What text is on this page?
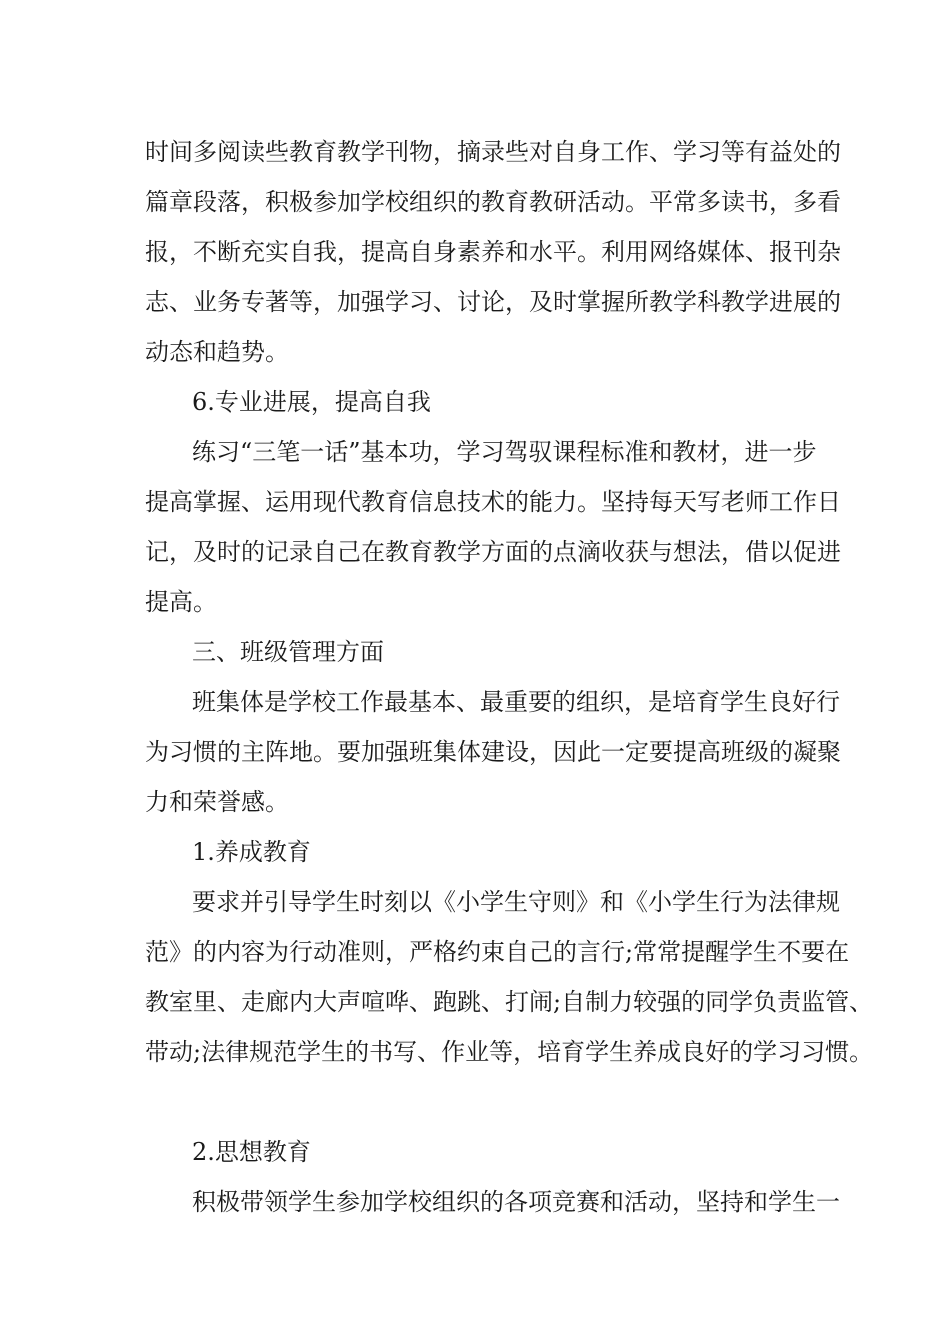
时间多阅读些教育教学刊物，摘录些对自身工作、学习等有益处的
篇章段落，积极参加学校组织的教育教研活动。平常多读书，多看
报，不断充实自我，提高自身素养和水平。利用网络媒体、报刊杂
志、业务专著等，加强学习、讨论，及时掌握所教学科教学进展的
动态和趋势。
6.专业进展，提高自我
练习“三笔一话”基本功，学习驾驭课程标准和教材，进一步
提高掌握、运用现代教育信息技术的能力。坚持每天写老师工作日
记，及时的记录自己在教育教学方面的点滴收获与想法，借以促进
提高。
三、班级管理方面
班集体是学校工作最基本、最重要的组织，是培育学生良好行
为习惯的主阵地。要加强班集体建设，因此一定要提高班级的凝聚
力和荣誉感。
1.养成教育
要求并引导学生时刻以《小学生守则》和《小学生行为法律规
范》的内容为行动准则，严格约束自己的言行;常常提醒学生不要在
教室里、走廊内大声喧哗、跑跳、打闹;自制力较强的同学负责监管、
带动;法律规范学生的书写、作业等，培育学生养成良好的学习习惯。
2.思想教育
积极带领学生参加学校组织的各项竞赛和活动，坚持和学生一
